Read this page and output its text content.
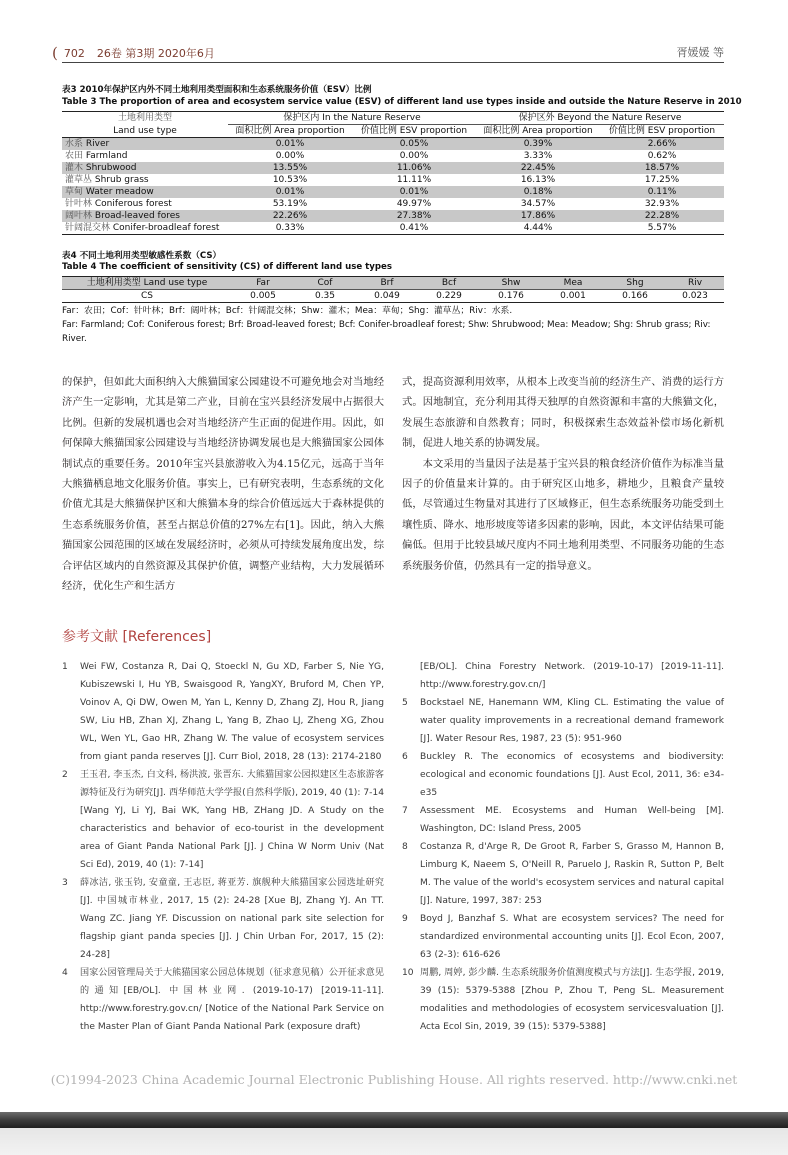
( 702 26卷 第3期 2020年6月	胥媛媛 等
表3 2010年保护区内外不同土地利用类型面积和生态系统服务价值（ESV）比例
Table 3 The proportion of area and ecosystem service value (ESV) of different land use types inside and outside the Nature Reserve in 2010
土地利用类型	保护区内 In the Nature Reserve		保护区外 Beyond the Nature Reserve	
Land use type	面积比例 Area proportion	价值比例 ESV proportion	面积比例 Area proportion	价值比例 ESV proportion
水系 River	0.01%	0.05%	0.39%	2.66%
农田 Farmland	0.00%	0.00%	3.33%	0.62%
灌木 Shrubwood	13.55%	11.06%	22.45%	18.57%
灌草丛 Shrub grass	10.53%	11.11%	16.13%	17.25%
草甸 Water meadow	0.01%	0.01%	0.18%	0.11%
针叶林 Coniferous forest	53.19%	49.97%	34.57%	32.93%
阔叶林 Broad-leaved fores	22.26%	27.38%	17.86%	22.28%
针阔混交林 Conifer-broadleaf forest	0.33%	0.41%	4.44%	5.57%
表4 不同土地利用类型敏感性系数（CS）
Table 4 The coefficient of sensitivity (CS) of different land use types
土地利用类型 Land use type	Far	Cof	Brf	Bcf	Shw	Mea	Shg	Riv
CS	0.005	0.35	0.049	0.229	0.176	0.001	0.166	0.023
Far：农田；Cof：针叶林；Brf：阔叶林；Bcf：针阔混交林；Shw：灌木；Mea：草甸；Shg：灌草丛；Riv：水系.
Far: Farmland; Cof: Coniferous forest; Brf: Broad-leaved forest; Bcf: Conifer-broadleaf forest; Shw: Shrubwood; Mea: Meadow; Shg: Shrub grass; Riv: River.

的保护，但如此大面积纳入大熊猫国家公园建设不可避免地会对当地经济产生一定影响，尤其是第二产业，目前在宝兴县经济发展中占据很大比例。但新的发展机遇也会对当地经济产生正面的促进作用。因此，如何保障大熊猫国家公园建设与当地经济协调发展也是大熊猫国家公园体制试点的重要任务。2010年宝兴县旅游收入为4.15亿元，远高于当年大熊猫栖息地文化服务价值。事实上，已有研究表明，生态系统的文化价值尤其是大熊猫保护区和大熊猫本身的综合价值远远大于森林提供的生态系统服务价值，甚至占据总价值的27%左右[1]。因此，纳入大熊猫国家公园范围的区域在发展经济时，必须从可持续发展角度出发，综合评估区域内的自然资源及其保护价值，调整产业结构，大力发展循环经济，优化生产和生活方

式，提高资源利用效率，从根本上改变当前的经济生产、消费的运行方式。因地制宜，充分利用其得天独厚的自然资源和丰富的大熊猫文化，发展生态旅游和自然教育；同时，积极探索生态效益补偿市场化新机制，促进人地关系的协调发展。

本文采用的当量因子法是基于宝兴县的粮食经济价值作为标准当量因子的价值量来计算的。由于研究区山地多，耕地少，且粮食产量较低，尽管通过生物量对其进行了区域修正，但生态系统服务功能受到土壤性质、降水、地形坡度等诸多因素的影响，因此，本文评估结果可能偏低。但用于比较县域尺度内不同土地利用类型、不同服务功能的生态系统服务价值，仍然具有一定的指导意义。

参考文献 [References]
1	Wei FW, Costanza R, Dai Q, Stoeckl N, Gu XD, Farber S, Nie YG, Kubiszewski I, Hu YB, Swaisgood R, YangXY, Bruford M, Chen YP, Voinov A, Qi DW, Owen M, Yan L, Kenny D, Zhang ZJ, Hou R, Jiang SW, Liu HB, Zhan XJ, Zhang L, Yang B, Zhao LJ, Zheng XG, Zhou WL, Wen YL, Gao HR, Zhang W. The value of ecosystem services from giant panda reserves [J]. Curr Biol, 2018, 28 (13): 2174-2180
2	王玉君, 李玉杰, 白文科, 杨洪波, 张晋东. 大熊猫国家公园拟建区生态旅游客源特征及行为研究[J]. 西华师范大学学报(自然科学版), 2019, 40 (1): 7-14 [Wang YJ, Li YJ, Bai WK, Yang HB, ZHang JD. A Study on the characteristics and behavior of eco-tourist in the development area of Giant Panda National Park [J]. J China W Norm Univ (Nat Sci Ed), 2019, 40 (1): 7-14]
3	薛冰洁, 张玉钧, 安童童, 王志臣, 蒋亚芳. 旗舰种大熊猫国家公园选址研究[J]. 中国城市林业, 2017, 15 (2): 24-28 [Xue BJ, Zhang YJ. An TT. Wang ZC. Jiang YF. Discussion on national park site selection for flagship giant panda species [J]. J Chin Urban For, 2017, 15 (2): 24-28]
4	国家公园管理局关于大熊猫国家公园总体规划（征求意见稿）公开征求意见的通知[EB/OL]. 中国林业网. (2019-10-17) [2019-11-11]. http://www.forestry.gov.cn/ [Notice of the National Park Service on the Master Plan of Giant Panda National Park (exposure draft)
[EB/OL]. China Forestry Network. (2019-10-17) [2019-11-11]. http://www.forestry.gov.cn/]
5	Bockstael NE, Hanemann WM, Kling CL. Estimating the value of water quality improvements in a recreational demand framework [J]. Water Resour Res, 1987, 23 (5): 951-960
6	Buckley R. The economics of ecosystems and biodiversity: ecological and economic foundations [J]. Aust Ecol, 2011, 36: e34-e35
7	Assessment ME. Ecosystems and Human Well-being [M]. Washington, DC: Island Press, 2005
8	Costanza R, d'Arge R, De Groot R, Farber S, Grasso M, Hannon B, Limburg K, Naeem S, O'Neill R, Paruelo J, Raskin R, Sutton P, Belt M. The value of the world's ecosystem services and natural capital [J]. Nature, 1997, 387: 253
9	Boyd J, Banzhaf S. What are ecosystem services? The need for standardized environmental accounting units [J]. Ecol Econ, 2007, 63 (2-3): 616-626
10 周鹏, 周婷, 彭少麟. 生态系统服务价值测度模式与方法[J]. 生态学报, 2019, 39 (15): 5379-5388 [Zhou P, Zhou T, Peng SL. Measurement modalities and methodologies of ecosystem servicesvaluation [J]. Acta Ecol Sin, 2019, 39 (15): 5379-5388]
(C)1994-2023 China Academic Journal Electronic Publishing House. All rights reserved. http://www.cnki.net
